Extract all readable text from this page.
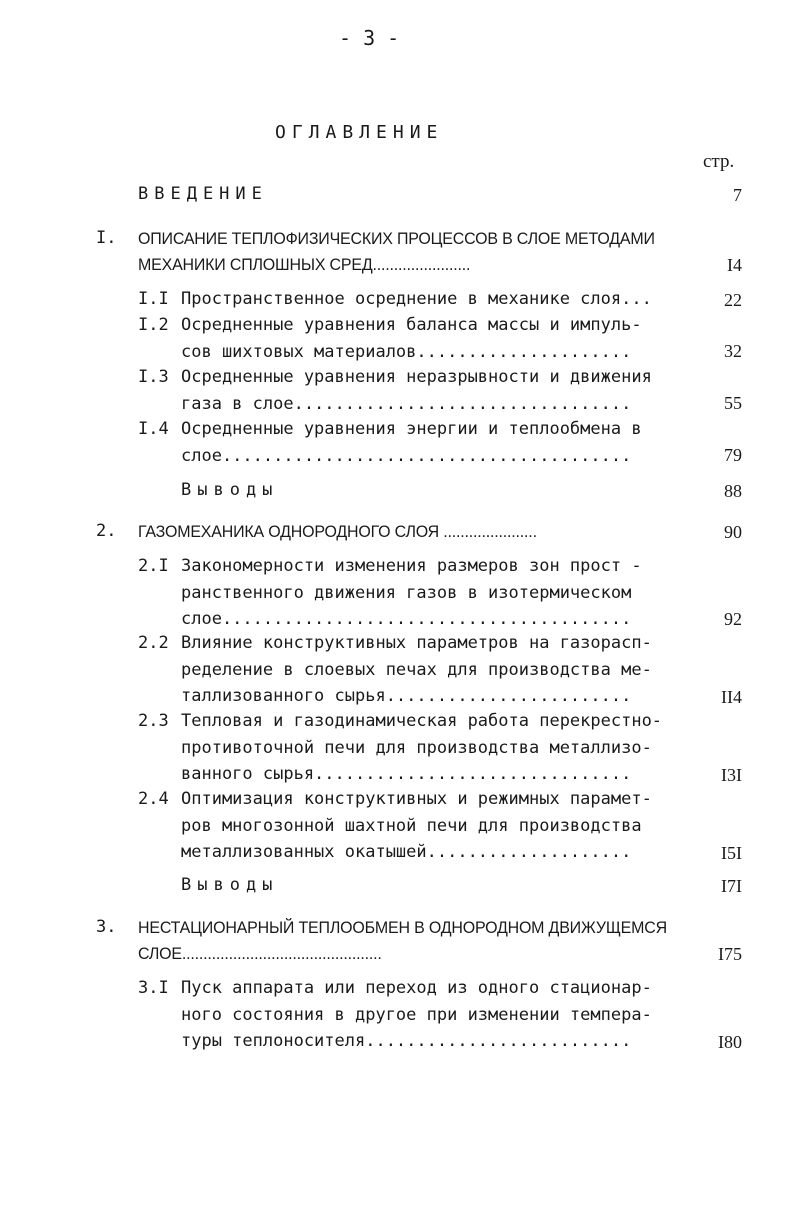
- 3 -
ОГЛАВЛЕНИЕ
стр.
ВВЕДЕНИЕ	7
I. ОПИСАНИЕ ТЕПЛОФИЗИЧЕСКИХ ПРОЦЕССОВ В СЛОЕ МЕТОДАМИ
МЕХАНИКИ СПЛОШНЫХ СРЕД.......................	I4
I.I Пространственное осреднение в механике слоя...	22
I.2 Осредненные уравнения баланса массы и импуль-
сов шихтовых материалов.....................	32
I.3 Осредненные уравнения неразрывности и движения
газа в слое.................................	55
I.4 Осредненные уравнения энергии и теплообмена в
слое........................................	79
Выводы	88
2. ГАЗОМЕХАНИКА ОДНОРОДНОГО СЛОЯ ......................	90
2.I Закономерности изменения размеров зон прост -
ранственного движения газов в изотермическом
слое........................................	92
2.2 Влияние конструктивных параметров на газорасп-
ределение в слоевых печах для производства ме-
таллизованного сырья........................	II4
2.3 Тепловая и газодинамическая работа перекрестно-
противоточной печи для производства металлизо-
ванного сырья...............................	I3I
2.4 Оптимизация конструктивных и режимных парамет-
ров многозонной шахтной печи для производства
металлизованных окатышей....................	I5I
Выводы	I7I
3. НЕСТАЦИОНАРНЫЙ ТЕПЛООБМЕН В ОДНОРОДНОМ ДВИЖУЩЕМСЯ
СЛОЕ...............................................	I75
3.I Пуск аппарата или переход из одного стационар-
ного состояния в другое при изменении темпера-
туры теплоносителя..........................	I80
